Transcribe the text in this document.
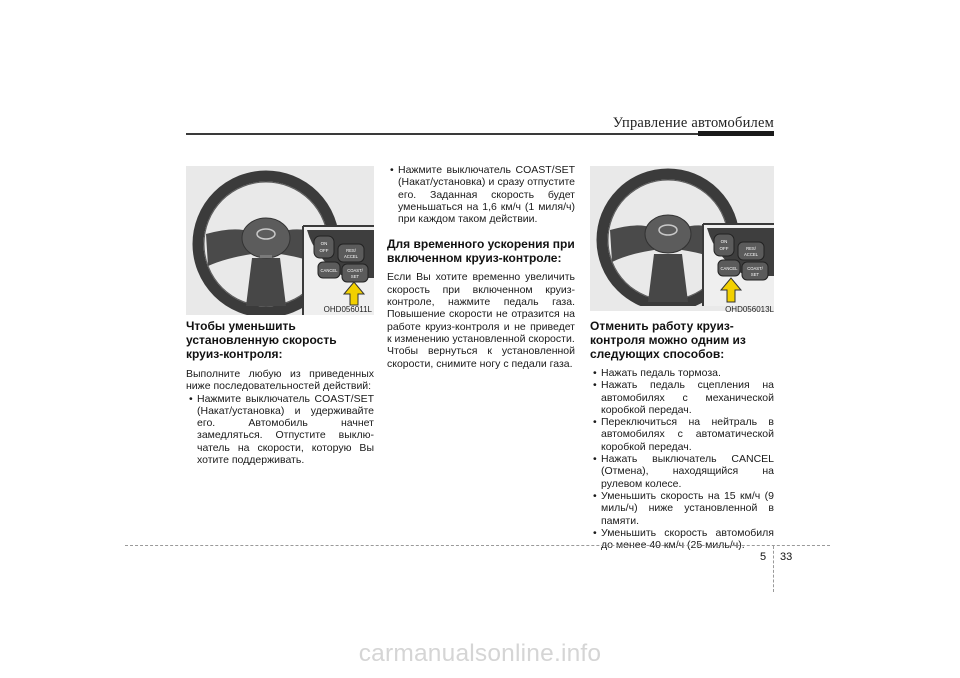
Управление автомобилем
ON
OFF	RES/
ACCEL
CANCEL COAST/
SET
OHD056011L
Чтобы уменьшить установленную скорость круиз-контроля:

Выполните любую из приведенных ниже последовательностей действий:

• Нажмите выключатель COAST/SET (Накат/установка) и удерживайте его. Автомобиль начнет замедляться. Отпустите выклю-чатель на скорости, которую Вы хотите поддерживать.
• Нажмите выключатель COAST/SET (Накат/установка) и сразу отпустите его. Заданная скорость будет уменьшаться на 1,6 км/ч (1 миля/ч) при каждом таком действии.
Для временного ускорения при включенном круиз-контроле:

Если Вы хотите временно увеличить скорость при включенном круиз-контроле, нажмите педаль газа. Повышение скорости не отразится на работе круиз-контроля и не приведет к изменению установленной скорости.

Чтобы вернуться к установленной скорости, снимите ногу с педали газа.

ON
OFF	RES/
ACCEL
CANCEL COAST/
SET
OHD056013L
Отменить работу круиз-контроля можно одним из следующих способов:
• Нажать педаль тормоза.
• Нажать педаль сцепления на автомобилях с механической коробкой передач.
• Переключиться на нейтраль в автомобилях с автоматической коробкой передач.
• Нажать выключатель CANCEL (Отмена), находящийся на рулевом колесе.
• Уменьшить скорость на 15 км/ч (9 миль/ч) ниже установленной в памяти.
• Уменьшить скорость автомобиля до менее 40 км/ч (25 миль/ч).
5 33
carmanualsonline.info
